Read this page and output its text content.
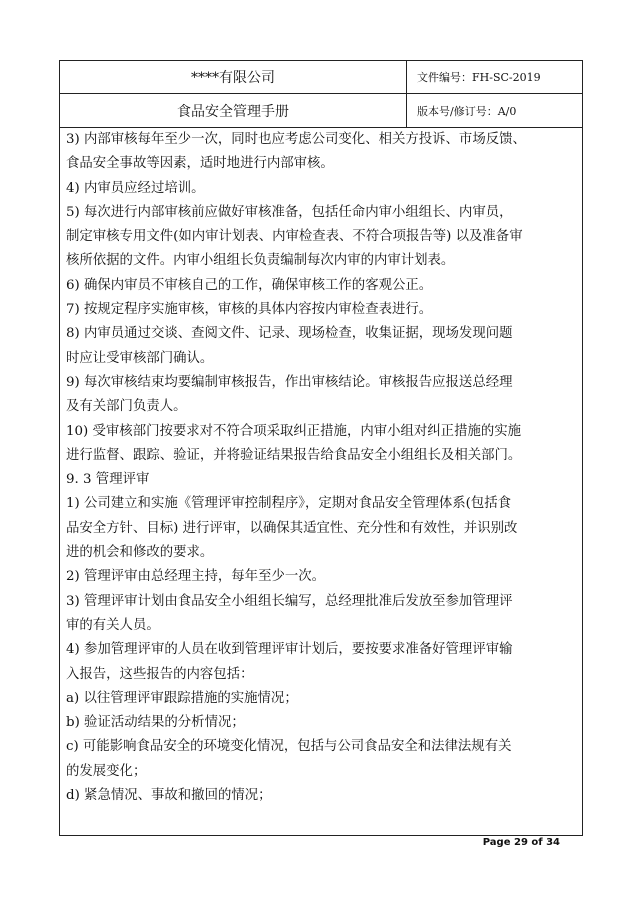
****有限公司	文件编号：FH-SC-2019
食品安全管理手册	版本号/修订号：A/0
3) 内部审核每年至少一次，同时也应考虑公司变化、相关方投诉、市场反馈、
食品安全事故等因素，适时地进行内部审核。
4) 内审员应经过培训。
5) 每次进行内部审核前应做好审核准备，包括任命内审小组组长、内审员，
制定审核专用文件(如内审计划表、内审检查表、不符合项报告等) 以及准备审
核所依据的文件。内审小组组长负责编制每次内审的内审计划表。
6) 确保内审员不审核自己的工作，确保审核工作的客观公正。
7) 按规定程序实施审核，审核的具体内容按内审检查表进行。
8) 内审员通过交谈、查阅文件、记录、现场检查，收集证据，现场发现问题
时应让受审核部门确认。
9) 每次审核结束均要编制审核报告，作出审核结论。审核报告应报送总经理
及有关部门负责人。
10) 受审核部门按要求对不符合项采取纠正措施，内审小组对纠正措施的实施
进行监督、跟踪、验证，并将验证结果报告给食品安全小组组长及相关部门。
9. 3 管理评审
1) 公司建立和实施《管理评审控制程序》，定期对食品安全管理体系(包括食
品安全方针、目标) 进行评审，以确保其适宜性、充分性和有效性，并识别改
进的机会和修改的要求。
2) 管理评审由总经理主持，每年至少一次。
3) 管理评审计划由食品安全小组组长编写，总经理批准后发放至参加管理评
审的有关人员。
4) 参加管理评审的人员在收到管理评审计划后，要按要求准备好管理评审输
入报告，这些报告的内容包括：
a) 以往管理评审跟踪措施的实施情况；
b) 验证活动结果的分析情况；
c) 可能影响食品安全的环境变化情况，包括与公司食品安全和法律法规有关
的发展变化；
d) 紧急情况、事故和撤回的情况；
Page 29 of 34
